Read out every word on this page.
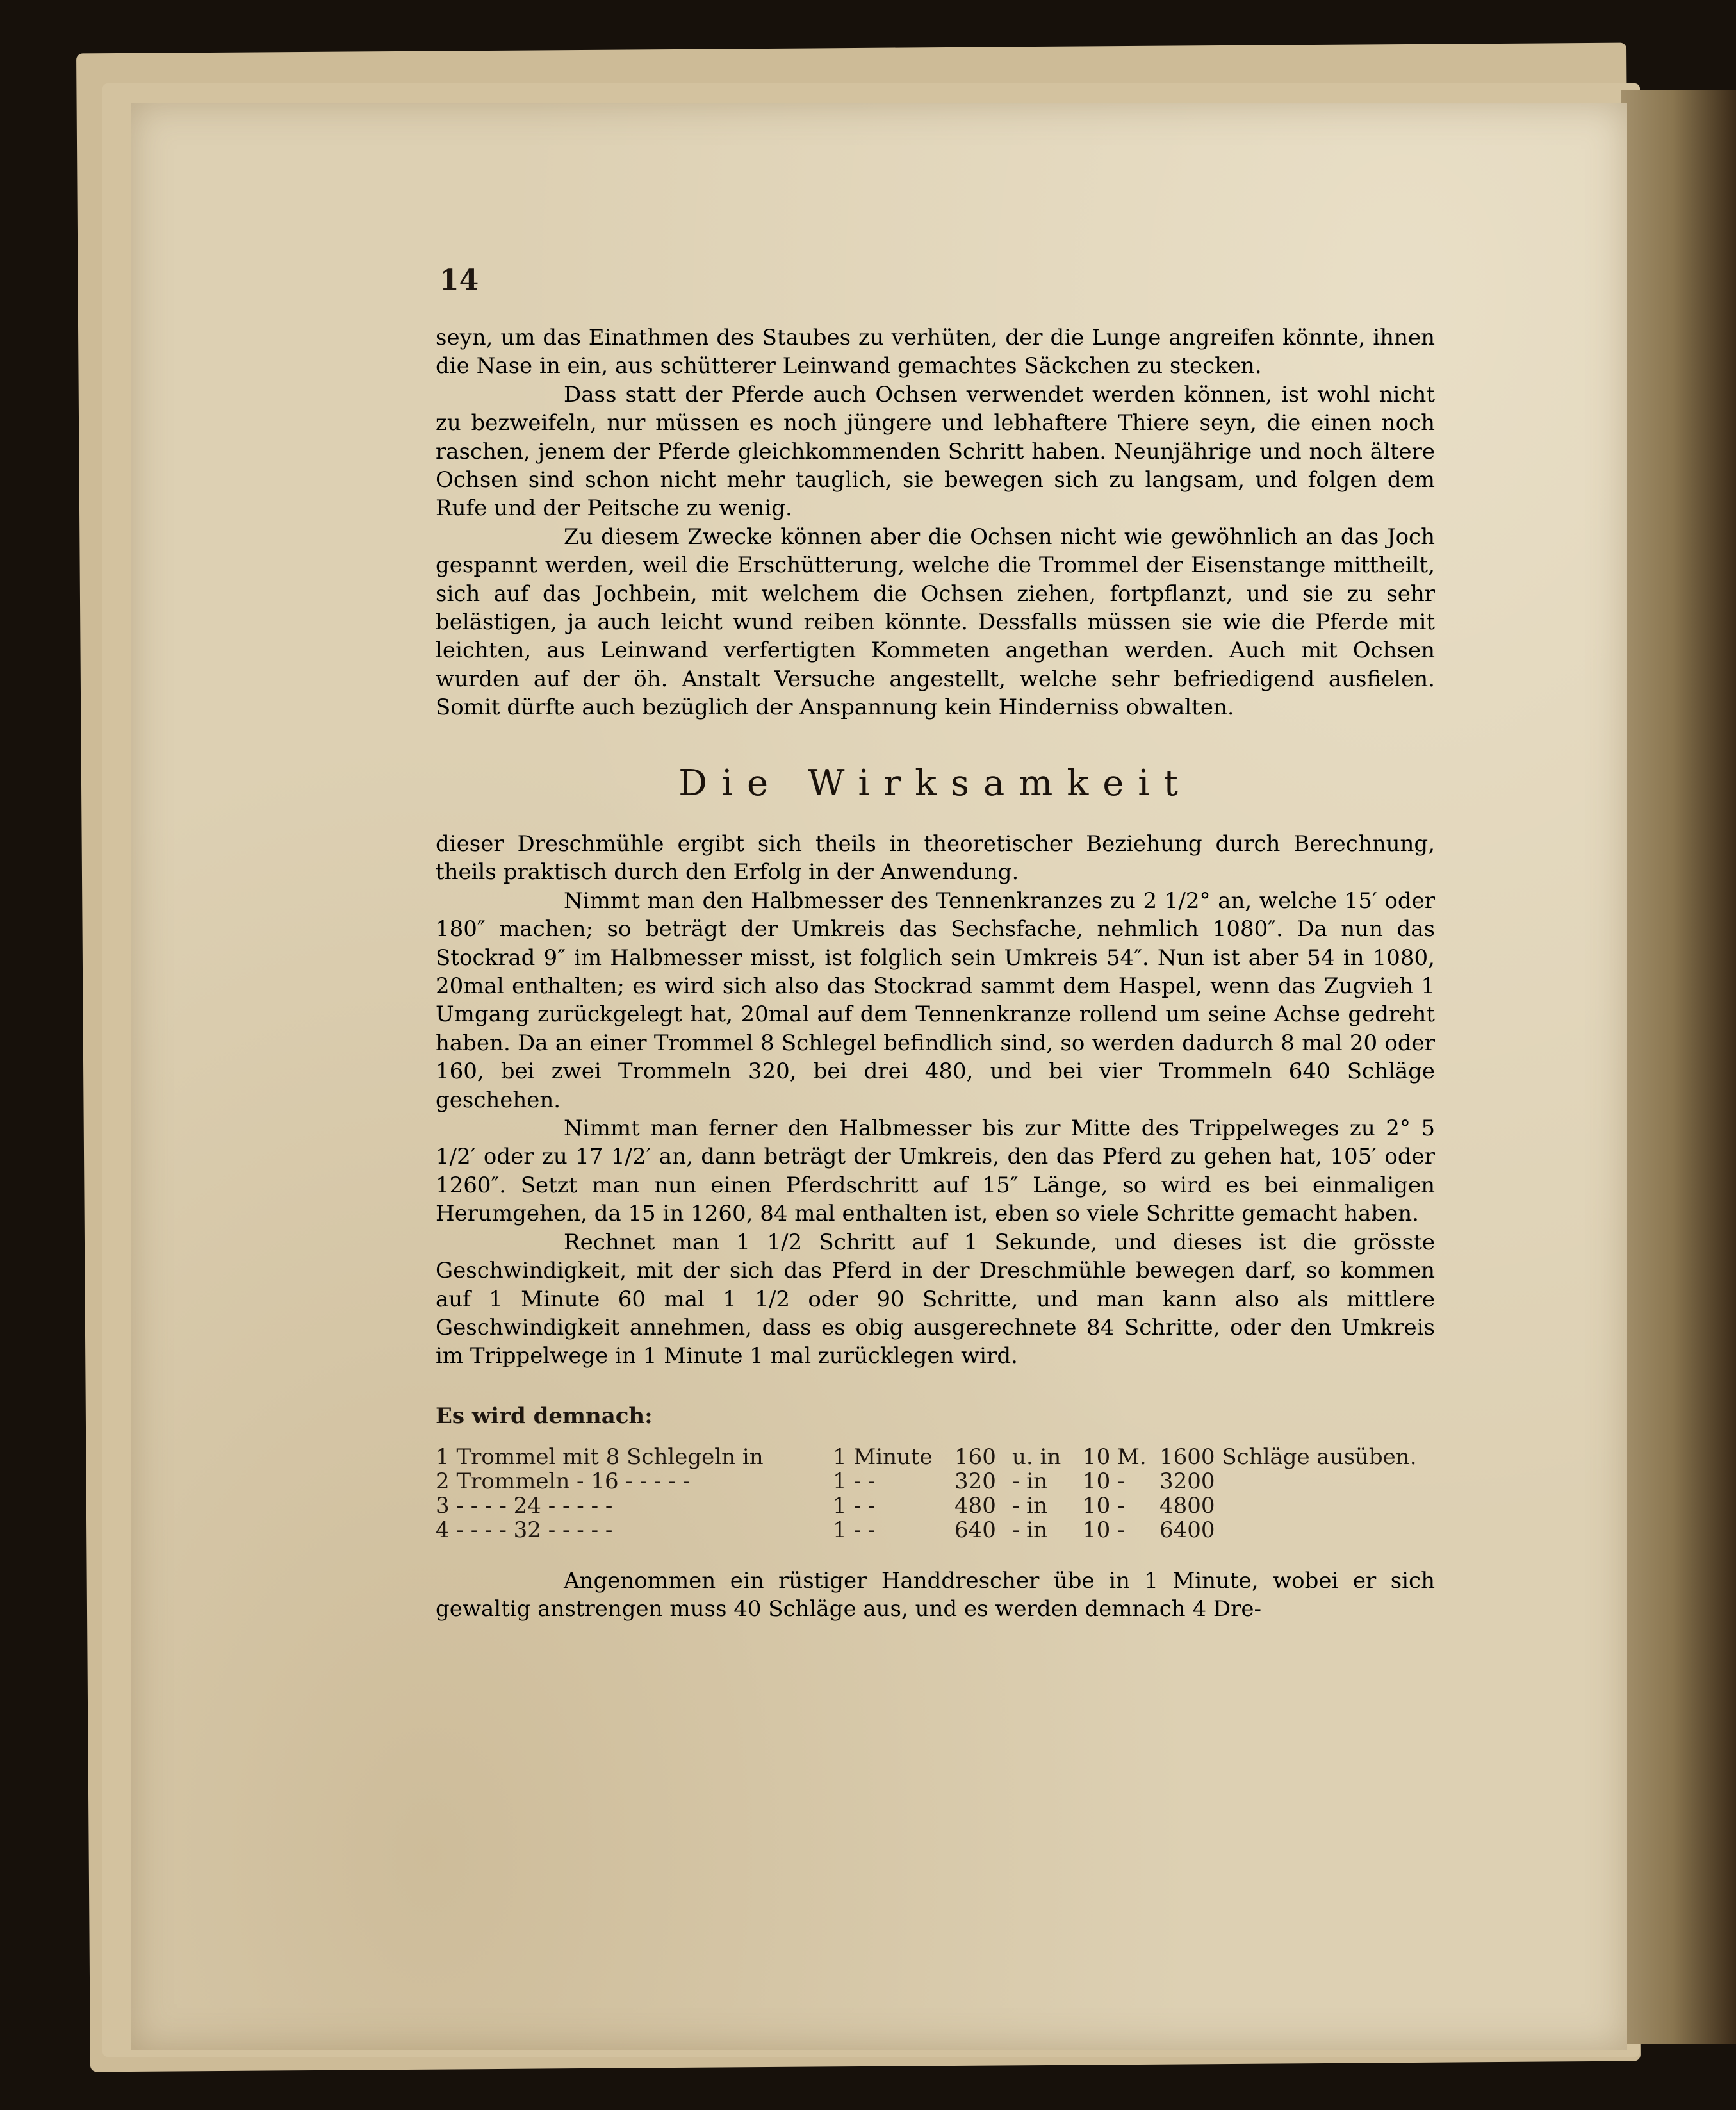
14

seyn, um das Einathmen des Staubes zu verhüten, der die Lunge angreifen könnte, ihnen die Nase in ein, aus schütterer Leinwand gemachtes Säckchen zu stecken.

Dass statt der Pferde auch Ochsen verwendet werden können, ist wohl nicht zu bezweifeln, nur müssen es noch jüngere und lebhaftere Thiere seyn, die einen noch raschen, jenem der Pferde gleichkommenden Schritt haben. Neunjährige und noch ältere Ochsen sind schon nicht mehr tauglich, sie bewegen sich zu langsam, und folgen dem Rufe und der Peitsche zu wenig.

Zu diesem Zwecke können aber die Ochsen nicht wie gewöhnlich an das Joch gespannt werden, weil die Erschütterung, welche die Trommel der Eisenstange mittheilt, sich auf das Jochbein, mit welchem die Ochsen ziehen, fortpflanzt, und sie zu sehr belästigen, ja auch leicht wund reiben könnte. Dessfalls müssen sie wie die Pferde mit leichten, aus Leinwand verfertigten Kommeten angethan werden. Auch mit Ochsen wurden auf der öh. Anstalt Versuche angestellt, welche sehr befriedigend ausfielen. Somit dürfte auch bezüglich der Anspannung kein Hinderniss obwalten.

Die Wirksamkeit

dieser Dreschmühle ergibt sich theils in theoretischer Beziehung durch Berechnung, theils praktisch durch den Erfolg in der Anwendung.

Nimmt man den Halbmesser des Tennenkranzes zu 2 1/2° an, welche 15′ oder 180″ machen; so beträgt der Umkreis das Sechsfache, nehmlich 1080″. Da nun das Stockrad 9″ im Halbmesser misst, ist folglich sein Umkreis 54″. Nun ist aber 54 in 1080, 20mal enthalten; es wird sich also das Stockrad sammt dem Haspel, wenn das Zugvieh 1 Umgang zurückgelegt hat, 20mal auf dem Tennenkranze rollend um seine Achse gedreht haben. Da an einer Trommel 8 Schlegel befindlich sind, so werden dadurch 8 mal 20 oder 160, bei zwei Trommeln 320, bei drei 480, und bei vier Trommeln 640 Schläge geschehen.

Nimmt man ferner den Halbmesser bis zur Mitte des Trippelweges zu 2° 5 1/2′ oder zu 17 1/2′ an, dann beträgt der Umkreis, den das Pferd zu gehen hat, 105′ oder 1260″. Setzt man nun einen Pferdschritt auf 15″ Länge, so wird es bei einmaligen Herumgehen, da 15 in 1260, 84 mal enthalten ist, eben so viele Schritte gemacht haben.

Rechnet man 1 1/2 Schritt auf 1 Sekunde, und dieses ist die grösste Geschwindigkeit, mit der sich das Pferd in der Dreschmühle bewegen darf, so kommen auf 1 Minute 60 mal 1 1/2 oder 90 Schritte, und man kann also als mittlere Geschwindigkeit annehmen, dass es obig ausgerechnete 84 Schritte, oder den Umkreis im Trippelwege in 1 Minute 1 mal zurücklegen wird.

Es wird demnach:
1 Trommel mit 8 Schlegeln in	1 Minute	160	u. in	10 M.	1600 Schläge ausüben.
2 Trommeln - 16 - - - - -	1 - -	320	- in	10 -	3200
3 - - - - 24 - - - - -	1 - -	480	- in	10 -	4800
4 - - - - 32 - - - - -	1 - -	640	- in	10 -	6400

Angenommen ein rüstiger Handdrescher übe in 1 Minute, wobei er sich gewaltig anstrengen muss 40 Schläge aus, und es werden demnach 4 Dre-
